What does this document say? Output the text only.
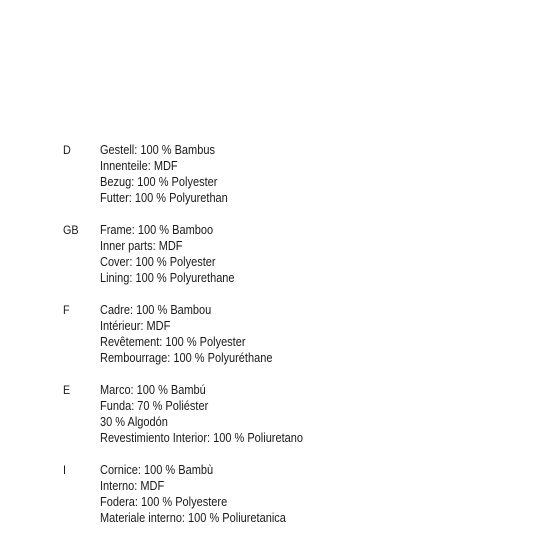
D	Gestell: 100 % Bambus
Innenteile: MDF
Bezug: 100 % Polyester
Futter: 100 % Polyurethan
GB	Frame: 100 % Bamboo
Inner parts: MDF
Cover: 100 % Polyester
Lining: 100 % Polyurethane
F	Cadre: 100 % Bambou
Intérieur: MDF
Revêtement: 100 % Polyester
Rembourrage: 100 % Polyuréthane
E	Marco: 100 % Bambú
Funda: 70 % Poliéster
30 % Algodón
Revestimiento Interior: 100 % Poliuretano
I	Cornice: 100 % Bambù
Interno: MDF
Fodera: 100 % Polyestere
Materiale interno: 100 % Poliuretanica
